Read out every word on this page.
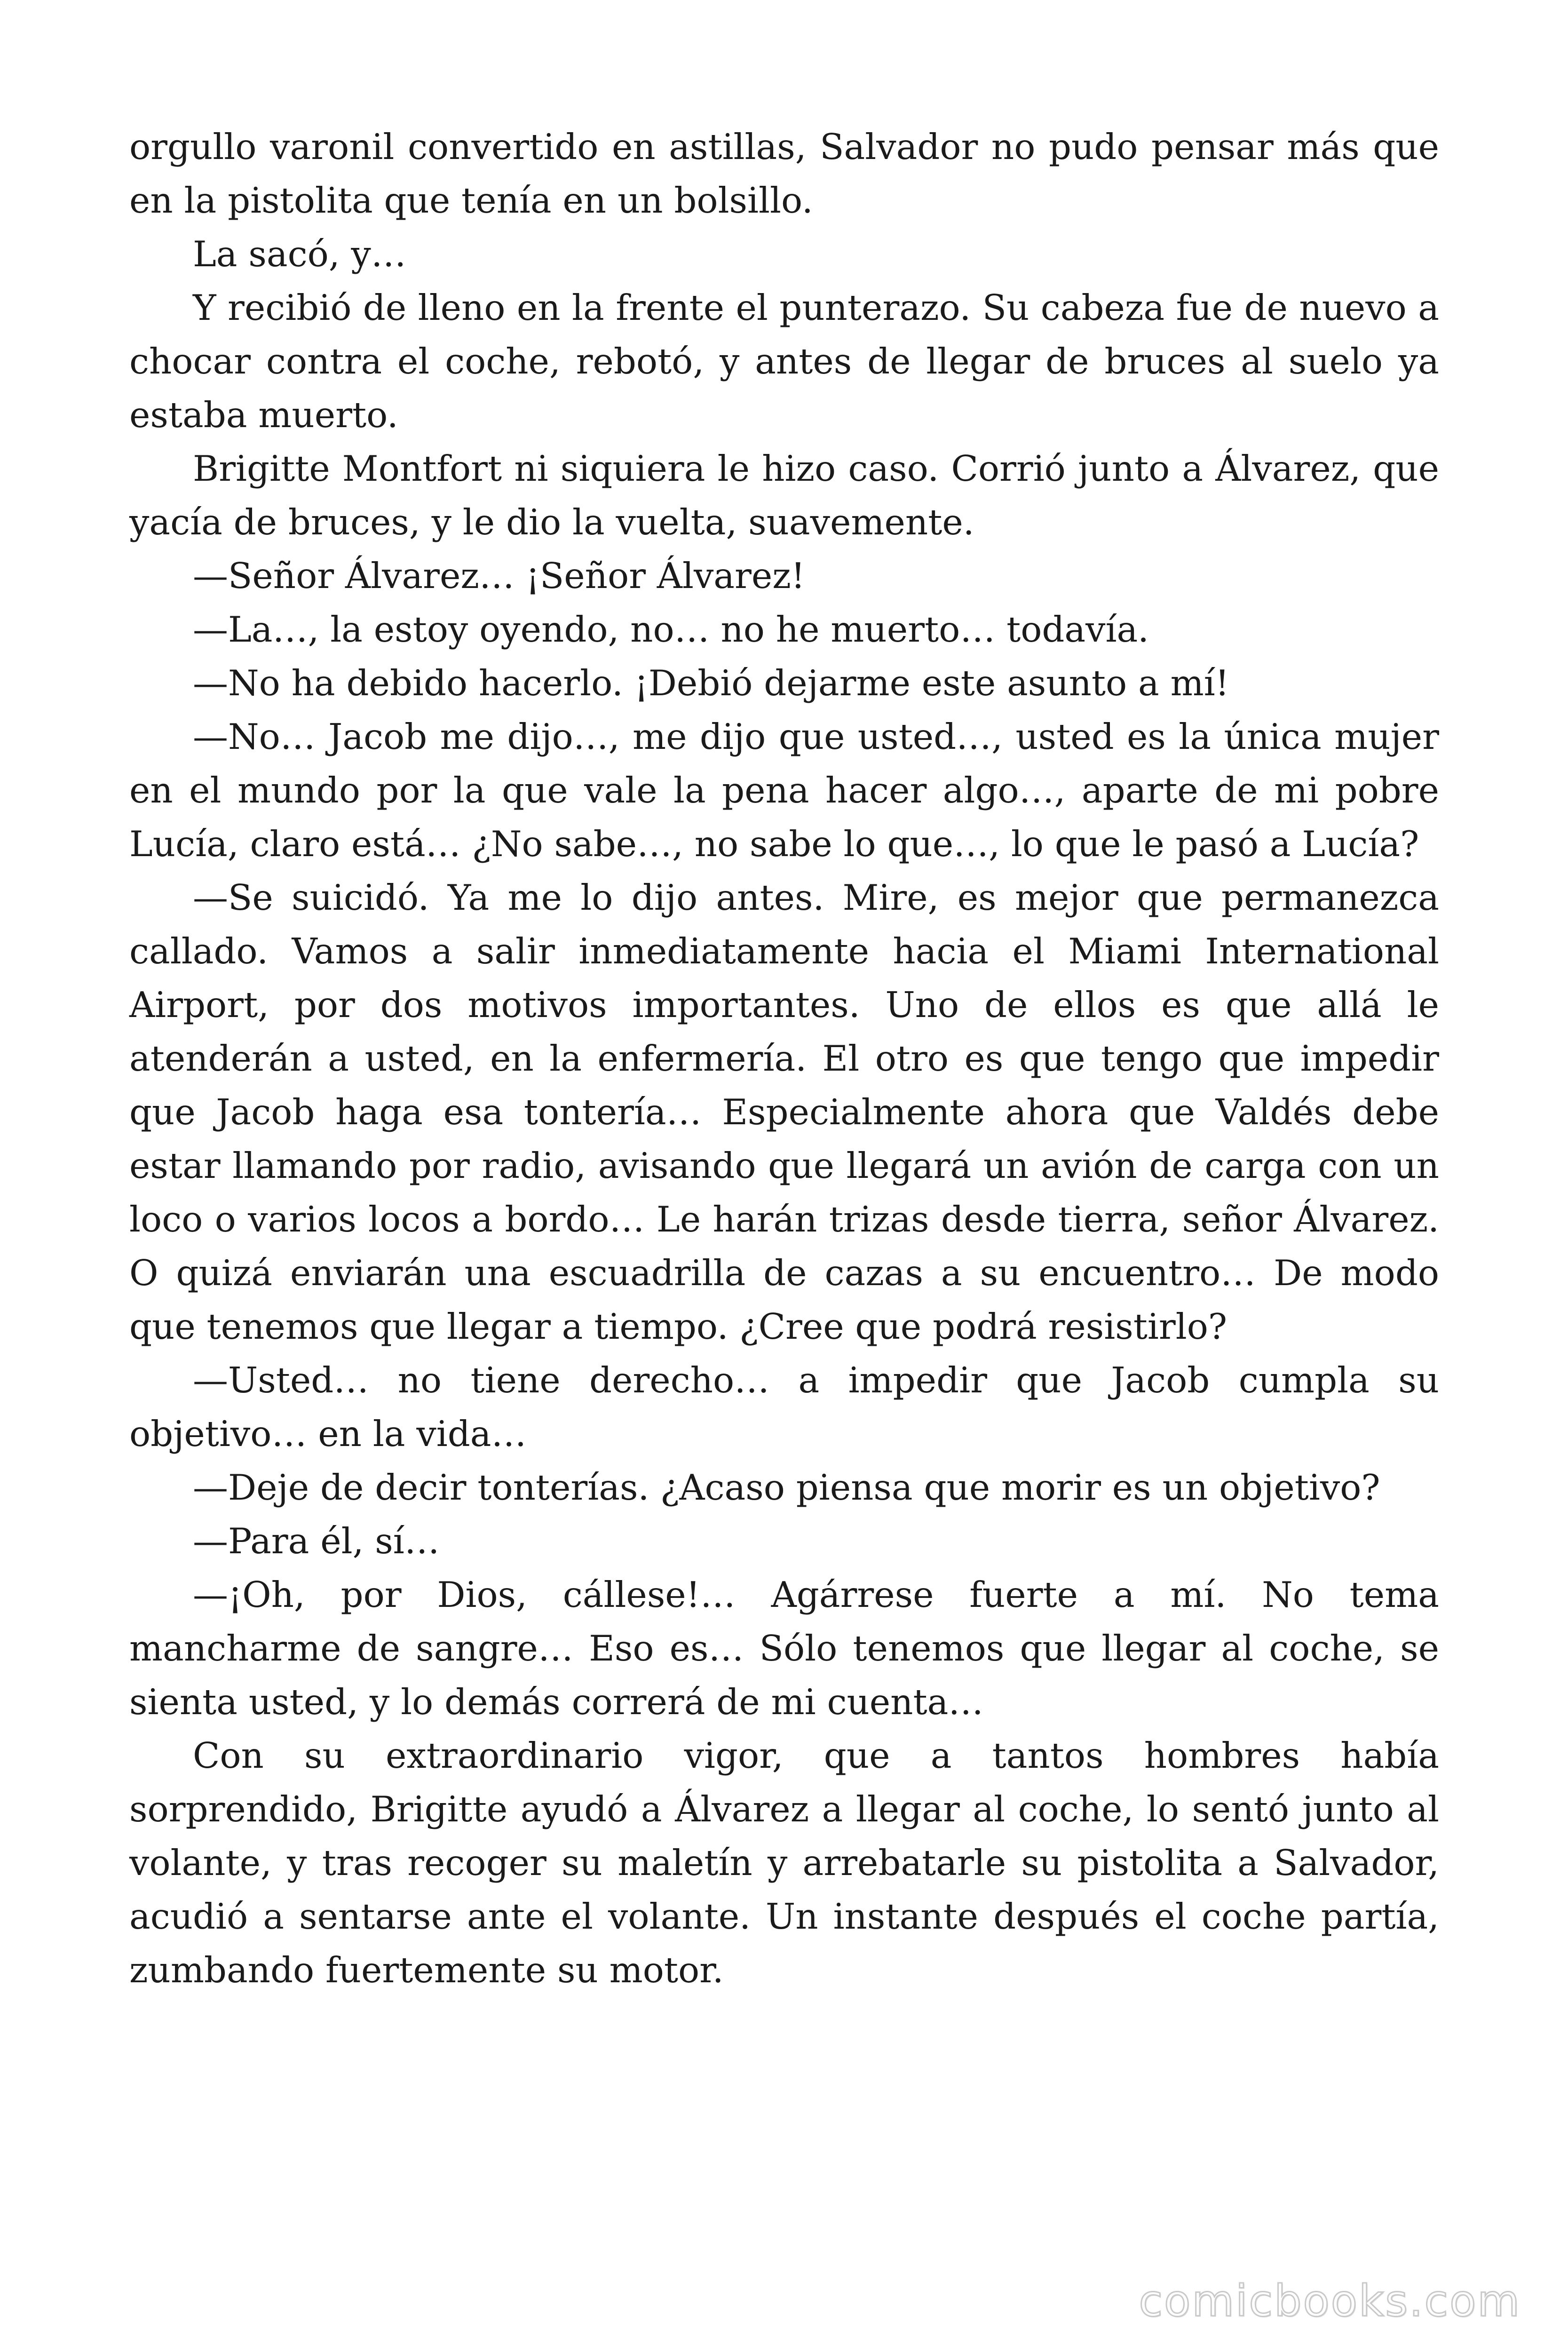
orgullo varonil convertido en astillas, Salvador no pudo pensar más que en la pistolita que tenía en un bolsillo.

La sacó, y…

Y recibió de lleno en la frente el punterazo. Su cabeza fue de nuevo a chocar contra el coche, rebotó, y antes de llegar de bruces al suelo ya estaba muerto.

Brigitte Montfort ni siquiera le hizo caso. Corrió junto a Álvarez, que yacía de bruces, y le dio la vuelta, suavemente.

—Señor Álvarez… ¡Señor Álvarez!

—La…, la estoy oyendo, no… no he muerto… todavía.

—No ha debido hacerlo. ¡Debió dejarme este asunto a mí!

—No… Jacob me dijo…, me dijo que usted…, usted es la única mujer en el mundo por la que vale la pena hacer algo…, aparte de mi pobre Lucía, claro está… ¿No sabe…, no sabe lo que…, lo que le pasó a Lucía?

—Se suicidó. Ya me lo dijo antes. Mire, es mejor que permanezca callado. Vamos a salir inmediatamente hacia el Miami International Airport, por dos motivos importantes. Uno de ellos es que allá le atenderán a usted, en la enfermería. El otro es que tengo que impedir que Jacob haga esa tontería… Especialmente ahora que Valdés debe estar llamando por radio, avisando que llegará un avión de carga con un loco o varios locos a bordo… Le harán trizas desde tierra, señor Álvarez. O quizá enviarán una escuadrilla de cazas a su encuentro… De modo que tenemos que llegar a tiempo. ¿Cree que podrá resistirlo?

—Usted… no tiene derecho… a impedir que Jacob cumpla su objetivo… en la vida…

—Deje de decir tonterías. ¿Acaso piensa que morir es un objetivo?

—Para él, sí…

—¡Oh, por Dios, cállese!… Agárrese fuerte a mí. No tema mancharme de sangre… Eso es… Sólo tenemos que llegar al coche, se sienta usted, y lo demás correrá de mi cuenta…

Con su extraordinario vigor, que a tantos hombres había sorprendido, Brigitte ayudó a Álvarez a llegar al coche, lo sentó junto al volante, y tras recoger su maletín y arrebatarle su pistolita a Salvador, acudió a sentarse ante el volante. Un instante después el coche partía, zumbando fuertemente su motor.

comicbooks.com
